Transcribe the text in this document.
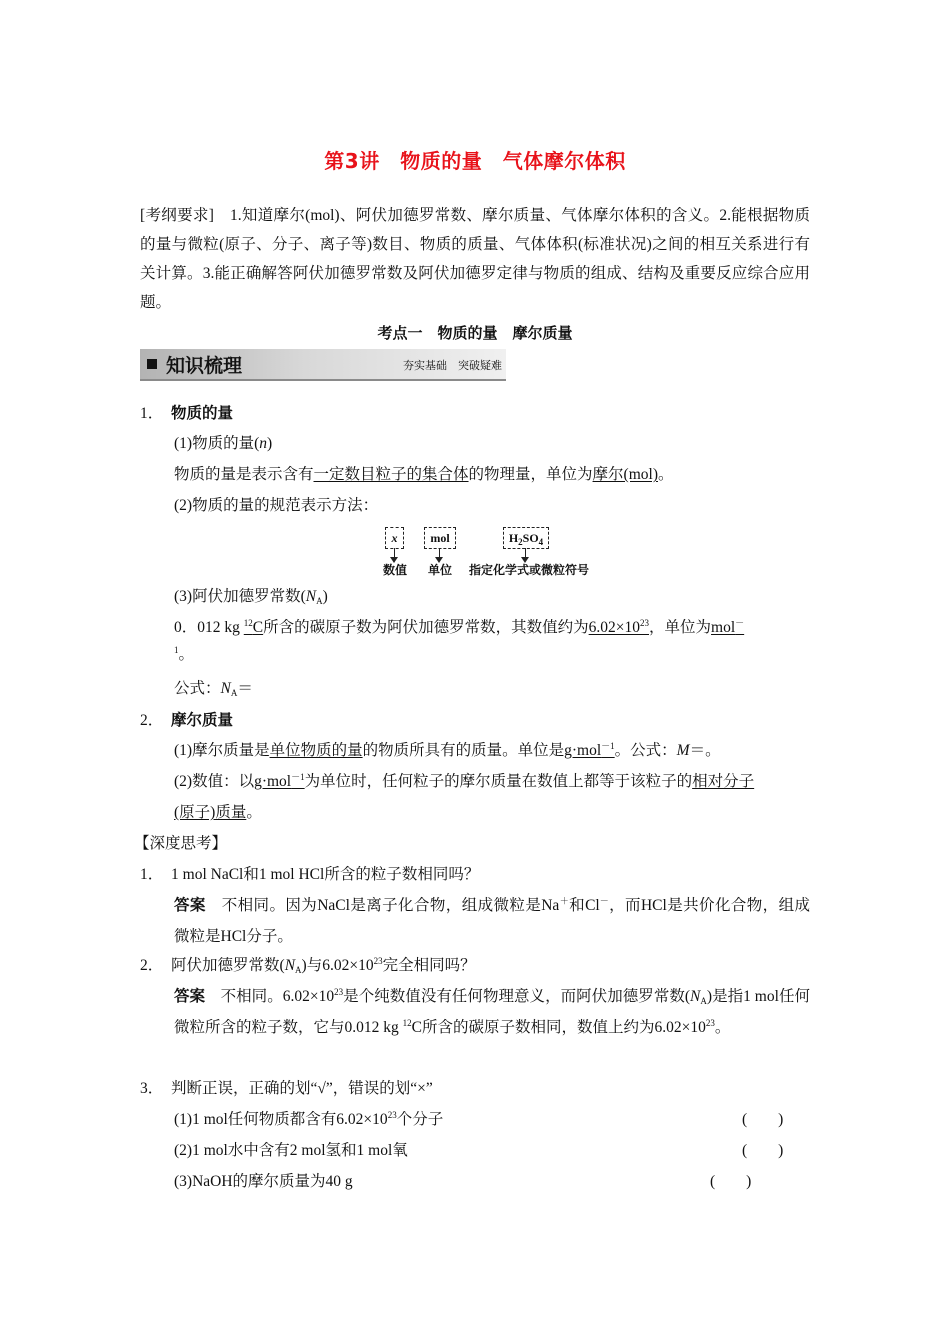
第3讲　物质的量　气体摩尔体积
[考纲要求]　1.知道摩尔(mol)、阿伏加德罗常数、摩尔质量、气体摩尔体积的含义。2.能根据物质的量与微粒(原子、分子、离子等)数目、物质的质量、气体体积(标准状况)之间的相互关系进行有关计算。3.能正确解答阿伏加德罗常数及阿伏加德罗定律与物质的组成、结构及重要反应综合应用题。
考点一　物质的量　摩尔质量
知识梳理	夯实基础　突破疑难
1．　 物质的量
(1)物质的量(n)
物质的量是表示含有一定数目粒子的集合体的物理量，单位为摩尔(mol)。
(2)物质的量的规范表示方法：
x	mol	$H_2SO_4$
数值 单位 指定化学式或微粒符号
(3)阿伏加德罗常数$(N_A)$
0．012 kg $^{12}$C所含的碳原子数为阿伏加德罗常数，其数值约为$6.02\times 10^{23}$，单位为mol－
$^1$。
公式：$N_A=$
2．　 摩尔质量
(1)摩尔质量是单位物质的量的物质所具有的质量。单位是g·mol$^{-1}$。公式：M＝。
(2)数值：以g·mol$^{-1}$为单位时，任何粒子的摩尔质量在数值上都等于该粒子的相对分子
(原子)质量。
【深度思考】
1．　 1 mol NaCl和1 mol HCl所含的粒子数相同吗？
答案　不相同。因为NaCl是离子化合物，组成微粒是Na＋和Cl－，而HCl是共价化合物，组成微粒是HCl分子。
2．　 阿伏加德罗常数$(N_A)$与$6.02\times 10^{23}$完全相同吗？
答案　不相同。$6.02\times 10^{23}$是个纯数值没有任何物理意义，而阿伏加德罗常数$(N_A)$是指1 mol任何微粒所含的粒子数，它与0.012 kg $^{12}$C所含的碳原子数相同，数值上约为$6.02\times 10^{23}$。
3．　 判断正误，正确的划“√”，错误的划“×”
(1)1 mol任何物质都含有$6.02\times 10^{23}$个分子	(　　)
(2)1 mol水中含有2 mol氢和1 mol氧	(　　)
(3)NaOH的摩尔质量为40 g	(　　)
